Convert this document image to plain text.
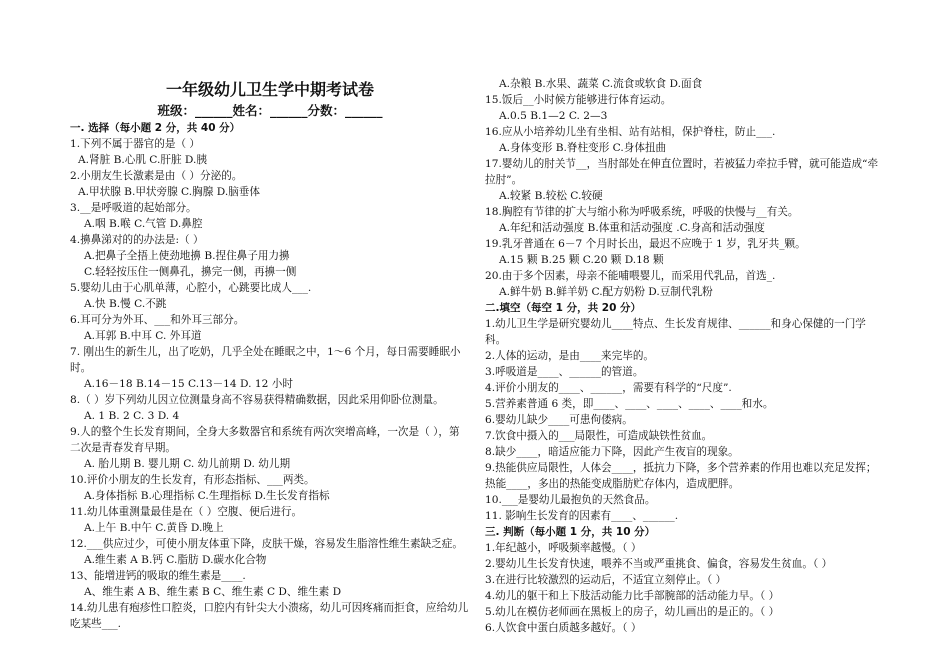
一年级幼儿卫生学中期考试卷
班级：______姓名：______分数：______
一. 选择（每小题 2 分，共 40 分）
1.下列不属于器官的是（ ）
A.肾脏 B.心肌 C.肝脏 D.胰
2.小朋友生长激素是由（ ）分泌的。
A.甲状腺 B.甲状旁腺 C.胸腺 D.脑垂体
3.__是呼吸道的起始部分。
A.咽 B.喉 C.气管 D.鼻腔
4.擤鼻涕对的的办法是:（ ）
A.把鼻子全捂上使劲地擤 B.捏住鼻子用力擤
C.轻轻按压住一侧鼻孔，擤完一侧，再擤一侧
5.婴幼儿由于心肌单薄，心腔小，心跳要比成人___.
A.快 B.慢 C.不跳
6.耳可分为外耳、___和外耳三部分。
A.耳郭 B.中耳 C. 外耳道
7. 刚出生的新生儿，出了吃奶，几乎全处在睡眠之中，1～6 个月，每日需要睡眠小时。
A.16－18 B.14－15 C.13－14 D. 12 小时
8.（ ）岁下列幼儿因立位测量身高不容易获得精确数据，因此采用仰卧位测量。
A. 1 B. 2 C. 3 D. 4
9.人的整个生长发育期间，全身大多数器官和系统有两次突增高峰，一次是（ ），第二次是青春发育早期。
A. 胎儿期 B. 婴儿期 C. 幼儿前期 D. 幼儿期
10.评价小朋友的生长发育，有形态指标、___两类。
A.身体指标 B.心理指标 C.生理指标 D.生长发育指标
11.幼儿体重测量最佳是在（ ）空腹、便后进行。
A.上午 B.中午 C.黄昏 D.晚上
12.___供应过少，可使小朋友体重下降，皮肤干燥，容易发生脂溶性维生素缺乏症。
A.维生素 A B.钙 C.脂肪 D.碳水化合物
13、能增进钙的吸取的维生素是____.
A、维生素 A B、维生素 B C、维生素 C D、维生素 D
14.幼儿患有疱疹性口腔炎，口腔内有针尖大小溃疡，幼儿可因疼痛而拒食，应给幼儿吃某些___.
A.杂粮 B.水果、蔬菜 C.流食或软食 D.面食
15.饭后__小时候方能够进行体育运动。
A.0.5 B.1—2 C. 2—3
16.应从小培养幼儿坐有坐相、站有站相，保护脊柱，防止___.
A.身体变形 B.脊柱变形 C.身体扭曲
17.婴幼儿的肘关节__，当肘部处在伸直位置时，若被猛力牵拉手臂，就可能造成“牵拉肘”。
A.较紧 B.较松 C.较硬
18.胸腔有节律的扩大与缩小称为呼吸系统，呼吸的快慢与__有关。
A.年纪和活动强度 B.体重和活动强度 .C.身高和活动强度
19.乳牙普通在 6－7 个月时长出，最迟不应晚于 1 岁，乳牙共_颗。
A.15 颗 B.25 颗 C.20 颗 D.18 颗
20.由于多个因素，母亲不能哺喂婴儿，而采用代乳品，首选_.
A.鲜牛奶 B.鲜羊奶 C.配方奶粉 D.豆制代乳粉
二.填空（每空 1 分，共 20 分）
1.幼儿卫生学是研究婴幼儿____特点、生长发育规律、______和身心保健的一门学科。
2.人体的运动，是由____来完毕的。
3.呼吸道是____、______的管道。
4.评价小朋友的____、______，需要有科学的“尺度”.
5.营养素普通 6 类，即____、____、____、____、____和水。
6.婴幼儿缺少____可患佝偻病。
7.饮食中摄入的___局限性，可造成缺铁性贫血。
8.缺少____，暗适应能力下降，因此产生夜盲的现象。
9.热能供应局限性，人体会____，抵抗力下降，多个营养素的作用也难以充足发挥；热能____，多出的热能变成脂肪贮存体内，造成肥胖。
10.___是婴幼儿最抱负的天然食品。
11. 影响生长发育的因素有____、______.
三. 判断（每小题 1 分，共 10 分）
1.年纪越小，呼吸频率越慢。（ ）
2.婴幼儿生长发育快速，喂养不当或严重挑食、偏食，容易发生贫血。（ ）
3.在进行比较激烈的运动后，不适宜立刻停止。（ ）
4.幼儿的躯干和上下肢活动能力比手部腕部的活动能力早。（ ）
5.幼儿在模仿老师画在黑板上的房子，幼儿画出的是正的。（ ）
6.人饮食中蛋白质越多越好。（ ）
